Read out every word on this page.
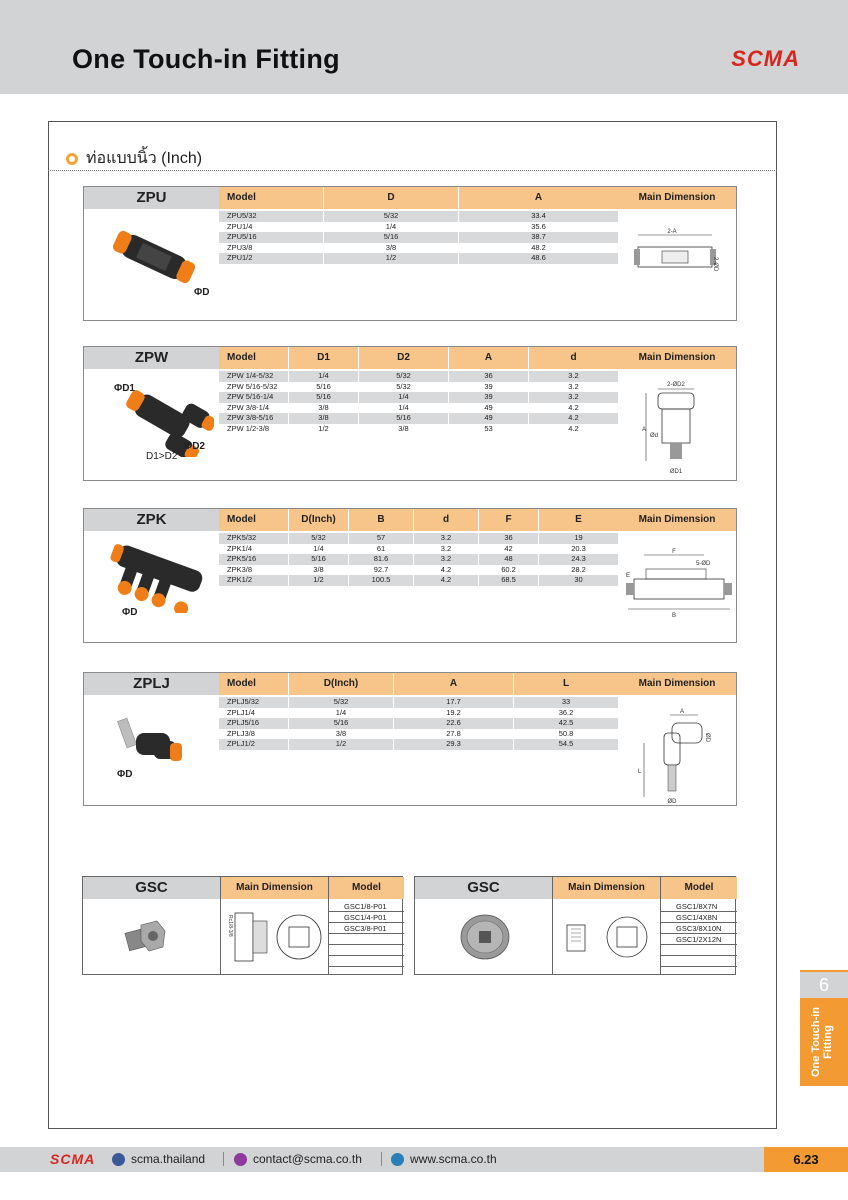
One Touch-in Fitting	SCMA
ท่อแบบนิ้ว (Inch)
ZPU	Model	D	A	Main Dimension
ZPU5/32	5/32	33.4
ZPU1/4	1/4	35.6
ZPU5/16	5/16	38.7
ZPU3/8	3/8	48.2
ZPU1/2	1/2	48.6
ΦD
2-A
2-ØD
ZPW	Model	D1	D2	A	d	Main Dimension
ZPW 1/4-5/32	1/4	5/32	36	3.2
ZPW 5/16-5/32	5/16	5/32	39	3.2
ZPW 5/16-1/4	5/16	1/4	39	3.2
ZPW 3/8-1/4	3/8	1/4	49	4.2
ZPW 3/8-5/16	3/8	5/16	49	4.2
ZPW 1/2-3/8	1/2	3/8	53	4.2
ΦD1
ΦD2
D1>D2
2-ØD2
A
Ød
ØD1
ZPK	Model	D(Inch)	B	d	F	E	Main Dimension
ZPK5/32	5/32	57	3.2	36	19
ZPK1/4	1/4	61	3.2	42	20.3
ZPK5/16	5/16	81.6	3.2	48	24.3
ZPK3/8	3/8	92.7	4.2	60.2	28.2
ZPK1/2	1/2	100.5	4.2	68.5	30
ΦD
F
5-ØD
E
B
ZPLJ	Model	D(Inch)	A	L	Main Dimension
ZPLJ5/32	5/32	17.7	33
ZPLJ1/4	1/4	19.2	36.2
ZPLJ5/16	5/16	22.6	42.5
ZPLJ3/8	3/8	27.8	50.8
ZPLJ1/2	1/2	29.3	54.5
ΦD
A
ØD
L
ØD
GSC	Main Dimension	Model
Rc1/8-3/8
GSC1/8-P01
GSC1/4-P01
GSC3/8-P01
GSC	Main Dimension	Model
GSC1/8X7N
GSC1/4X8N
GSC3/8X10N
GSC1/2X12N
6
One Touch-in Fitting
SCMA	scma.thailand	contact@scma.co.th	www.scma.co.th	6.23
